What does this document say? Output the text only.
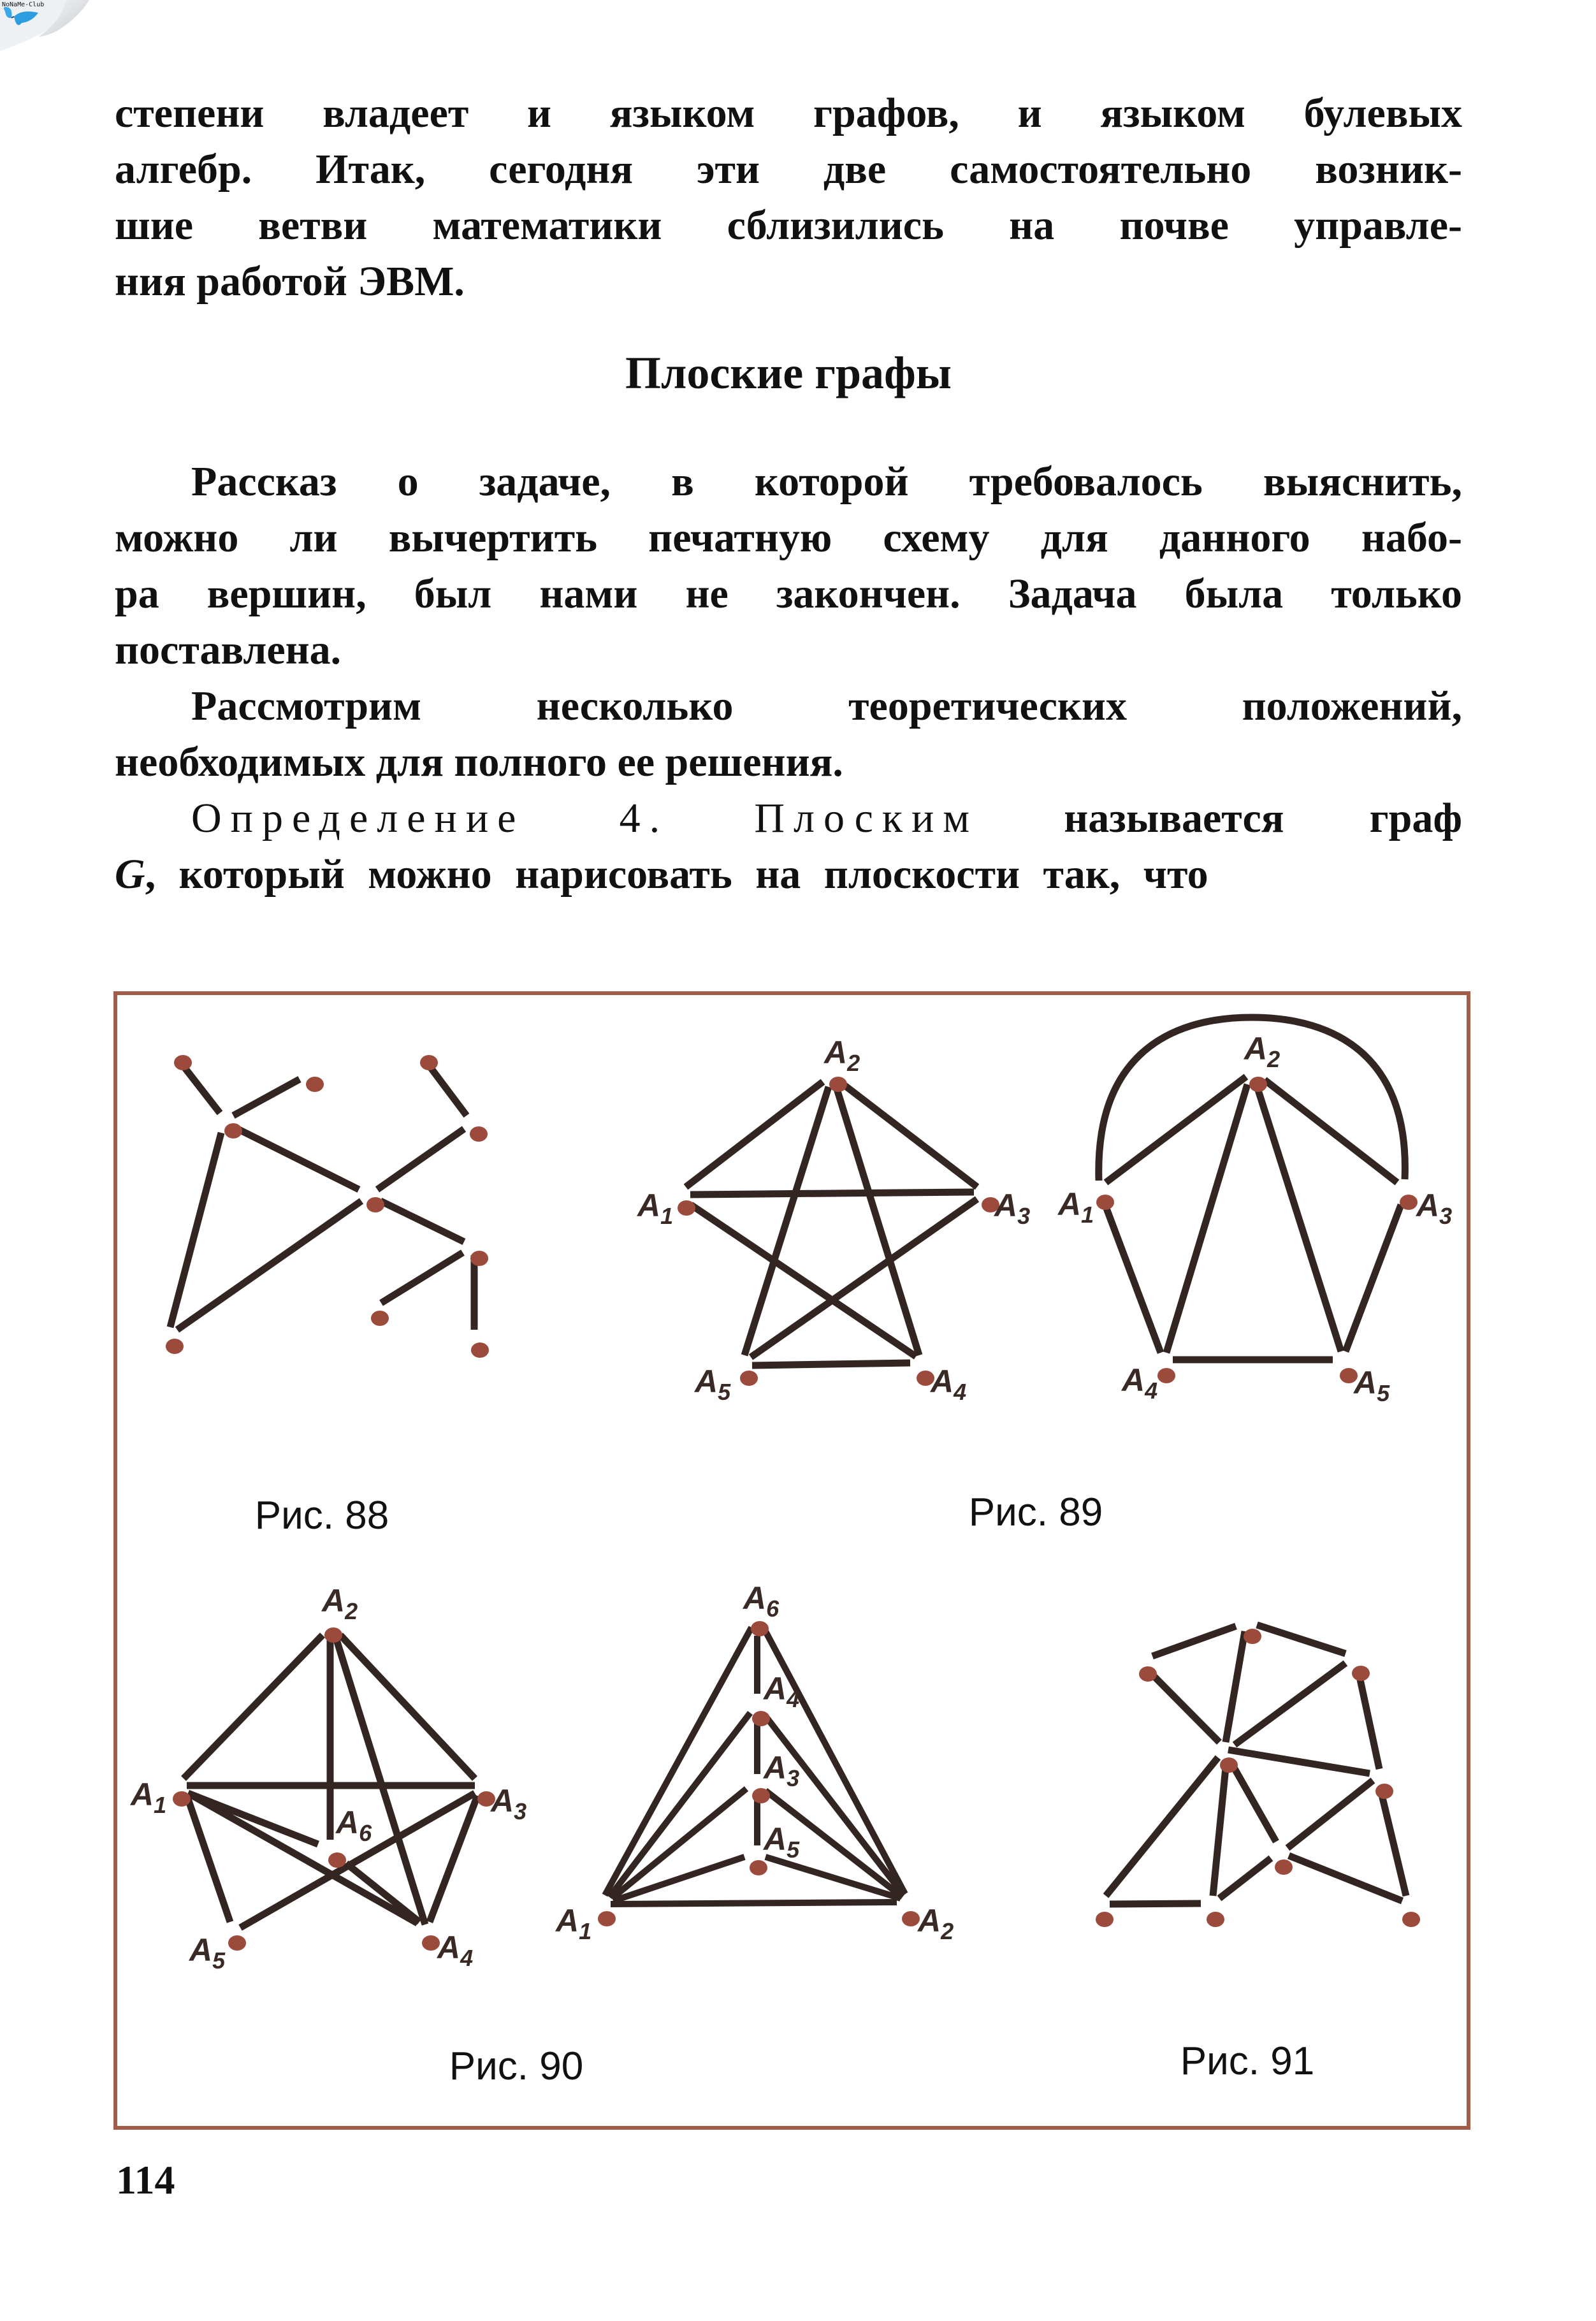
NoNaMe-Club
степени владеет и языком графов, и языком булевых
алгебр. Итак, сегодня эти две самостоятельно возник-
шие ветви математики сблизились на почве управле-
ния работой ЭВМ.
Плоские графы
Рассказ о задаче, в которой требовалось выяснить,
можно ли вычертить печатную схему для данного набо-
ра вершин, был нами не закончен. Задача была только
поставлена.
Рассмотрим несколько теоретических положений,
необходимых для полного ее решения.
Определение 4. Плоским называется граф
G, который можно нарисовать на плоскости так, что
$A_2$
$A_1$	$A_3$
$A_5$	$A_4$
$A_2$
$A_1$	$A_3$
$A_4$	$A_5$
$A_2$
$A_1$	$A_3$
$A_6$
$A_5$	$A_4$
$A_6$
$A_4$
$A_3$
$A_5$
$A_1$	$A_2$
Рис. 88	Рис. 89
Рис. 90	Рис. 91
114
